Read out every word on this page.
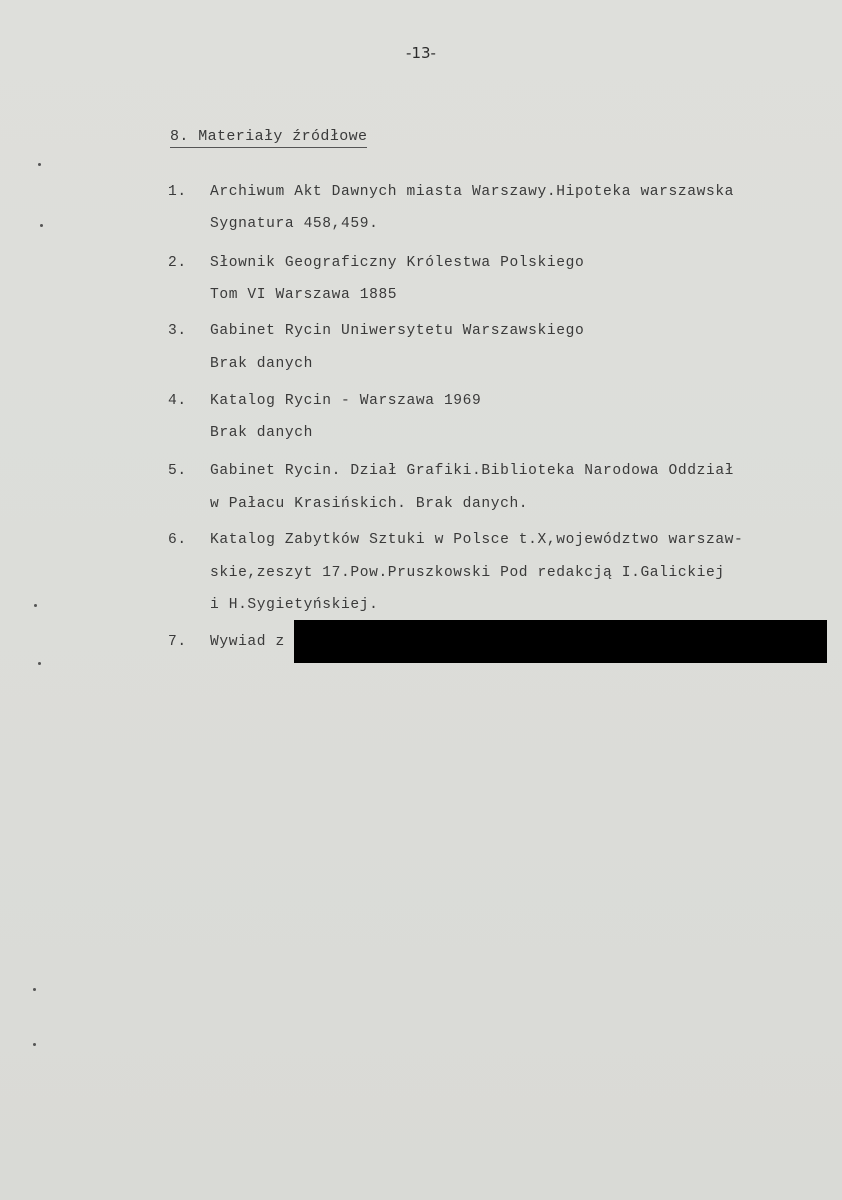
-13-
8. Materiały źródłowe
1. Archiwum Akt Dawnych miasta Warszawy.Hipoteka warszawska
Sygnatura 458,459.
2. Słownik Geograficzny Królestwa Polskiego
Tom VI Warszawa 1885
3. Gabinet Rycin Uniwersytetu Warszawskiego
Brak danych
4. Katalog Rycin - Warszawa 1969
Brak danych
5. Gabinet Rycin. Dział Grafiki.Biblioteka Narodowa Oddział
w Pałacu Krasińskich. Brak danych.
6. Katalog Zabytków Sztuki w Polsce t.X,województwo warszaw-
skie,zeszyt 17.Pow.Pruszkowski Pod redakcją I.Galickiej
i H.Sygietyńskiej.
7. Wywiad z
